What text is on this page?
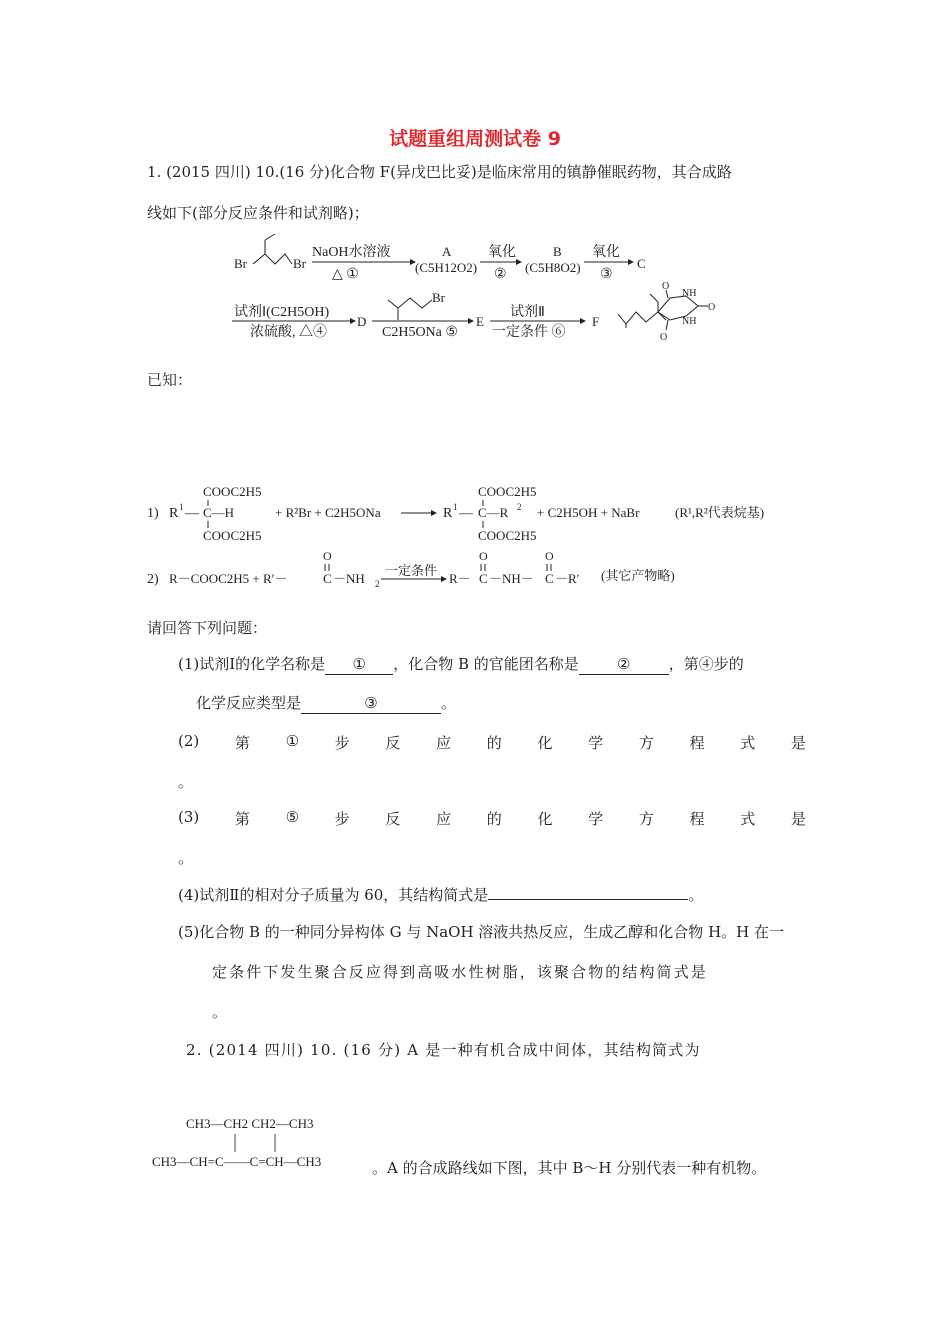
试题重组周测试卷 9
1. (2015 四川) 10.(16 分)化合物 F(异戊巴比妥)是临床常用的镇静催眠药物，其合成路
线如下(部分反应条件和试剂略)；
Br	Br
NaOH水溶液
△ ①
A
(C5H12O2)
氧化
②
B
(C5H8O2)
氧化
③
C
试剂Ⅰ(C2H5OH)
浓硫酸, △④
D
Br
C2H5ONa ⑤
E
试剂Ⅱ
一定条件 ⑥
F
NH
NH
O
O
O
已知：
1) R 1 —
COOC2H5
C—H
COOC2H5
+ R²Br + C2H5ONa	R 1 —
COOC2H5
C—R 2
COOC2H5
+ C2H5OH + NaBr	(R¹,R²代表烷基)
2) R－COOC2H5 + R′－
O
C －NH 2
一定条件
R－
O
C －NH－
O
C －R′ (其它产物略)
请回答下列问题：
(1)试剂Ⅰ的化学名称是 ① ，化合物 B 的官能团名称是	②	，第④步的
化学反应类型是	③	。
(2) 第 ① 步 反 应 的 化 学 方 程 式 是
。
(3) 第 ⑤ 步 反 应 的 化 学 方 程 式 是
。
(4)试剂Ⅱ的相对分子质量为 60，其结构简式是	。
(5)化合物 B 的一种同分异构体 G 与 NaOH 溶液共热反应，生成乙醇和化合物 H。H 在一
定条件下发生聚合反应得到高吸水性树脂，该聚合物的结构简式是
。
2. (2014 四川) 10. (16 分) A 是一种有机合成中间体，其结构简式为
CH3—CH2 CH2—CH3
CH3—CH=C——C=CH—CH3	。A 的合成路线如下图，其中 B～H 分别代表一种有机物。
